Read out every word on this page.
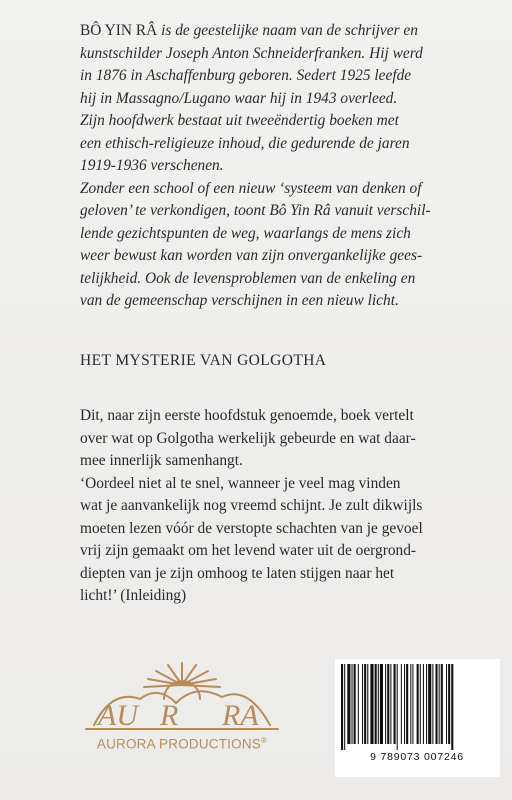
BÔ YIN RÂ is de geestelijke naam van de schrijver en

kunstschilder Joseph Anton Schneiderfranken. Hij werd

in 1876 in Aschaffenburg geboren. Sedert 1925 leefde

hij in Massagno/Lugano waar hij in 1943 overleed.

Zijn hoofdwerk bestaat uit tweeëndertig boeken met

een ethisch-religieuze inhoud, die gedurende de jaren

1919-1936 verschenen.

Zonder een school of een nieuw ‘systeem van denken of

geloven’ te verkondigen, toont Bô Yin Râ vanuit verschil-

lende gezichtspunten de weg, waarlangs de mens zich

weer bewust kan worden van zijn onvergankelijke gees-

telijkheid. Ook de levensproblemen van de enkeling en

van de gemeenschap verschijnen in een nieuw licht.

HET MYSTERIE VAN GOLGOTHA

Dit, naar zijn eerste hoofdstuk genoemde, boek vertelt

over wat op Golgotha werkelijk gebeurde en wat daar-

mee innerlijk samenhangt.

‘Oordeel niet al te snel, wanneer je veel mag vinden

wat je aanvankelijk nog vreemd schijnt. Je zult dikwijls

moeten lezen vóór de verstopte schachten van je gevoel

vrij zijn gemaakt om het levend water uit de oergrond-

diepten van je zijn omhoog te laten stijgen naar het

licht!’ (Inleiding)

AU R RA
AURORA PRODUCTIONS®
9 789073 007246
